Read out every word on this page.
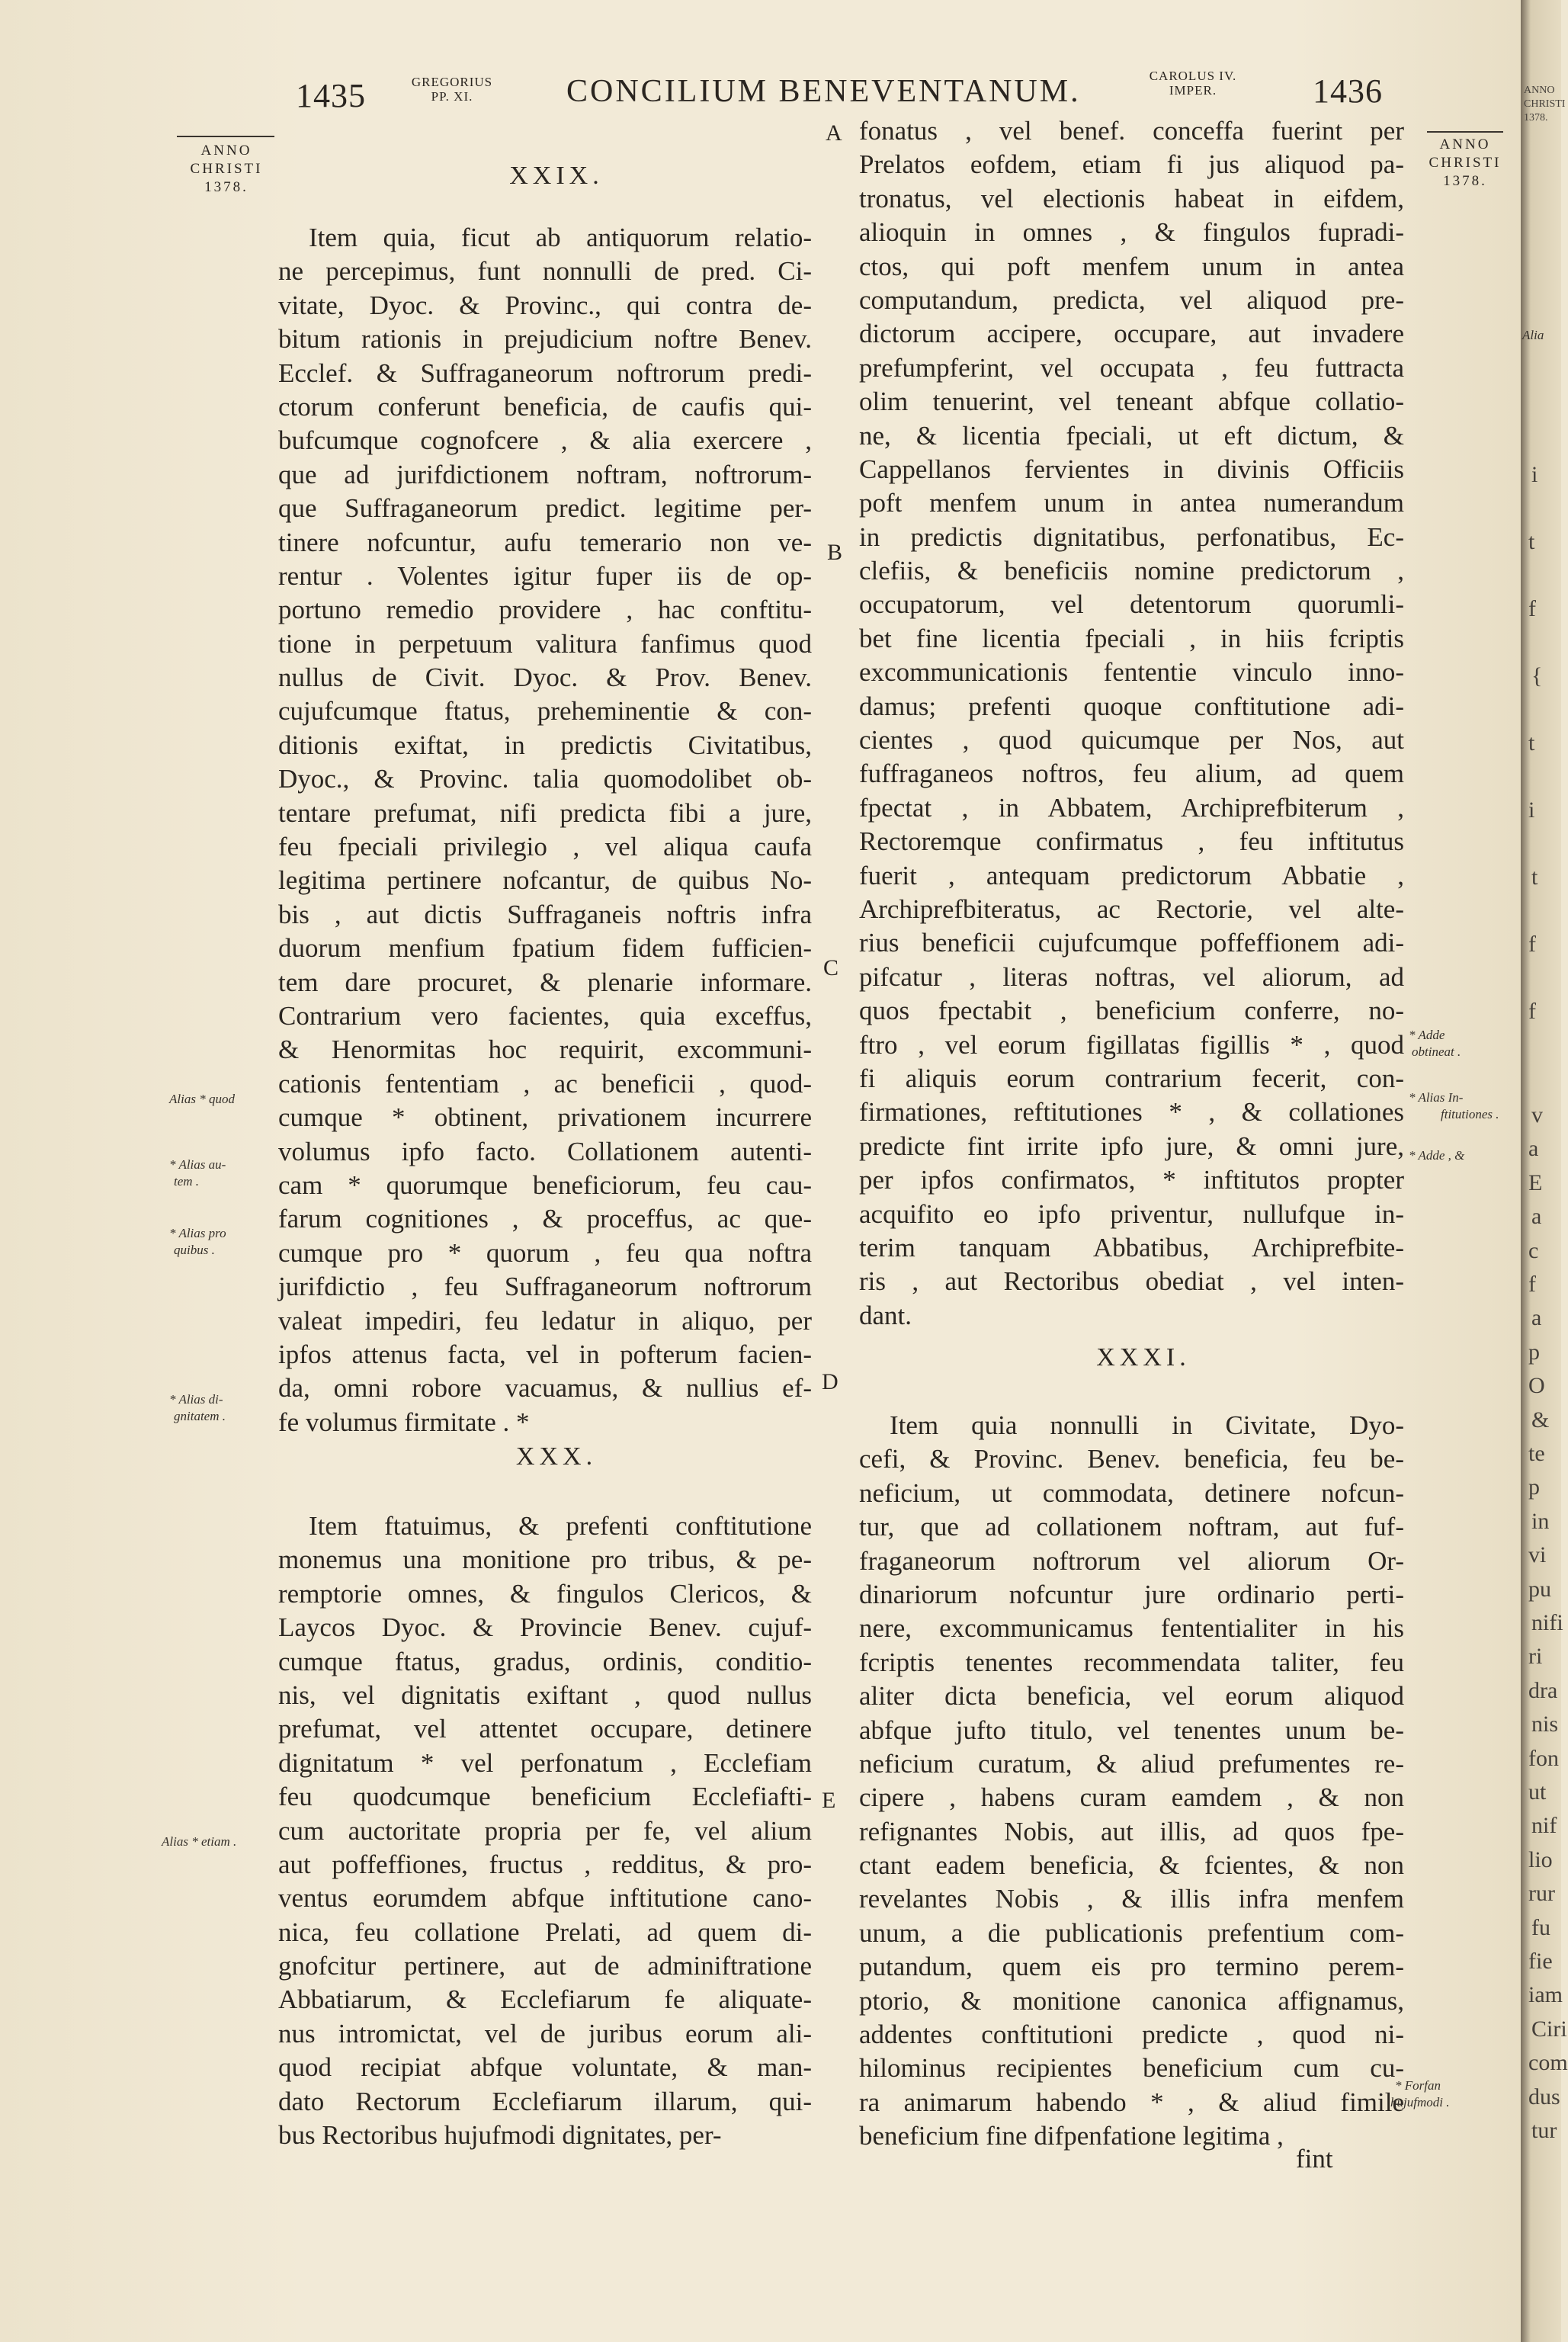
1435	GREGORIUS
PP. XI.	CONCILIUM BENEVENTANUM.	CAROLUS IV.
IMPER.	1436
ANNO
CHRISTI
1378.
ANNO
CHRISTI
1378.
XXIX.
Item quia, ficut ab antiquorum relatio-
ne percepimus, funt nonnulli de pred. Ci-
vitate, Dyoc. & Provinc., qui contra de-
bitum rationis in prejudicium noftre Benev.
Ecclef. & Suffraganeorum noftrorum predi-
ctorum conferunt beneficia, de caufis qui-
bufcumque cognofcere , & alia exercere ,
que ad jurifdictionem noftram, noftrorum-
que Suffraganeorum predict. legitime per-
tinere nofcuntur, aufu temerario non ve-
rentur . Volentes igitur fuper iis de op-
portuno remedio providere , hac conftitu-
tione in perpetuum valitura fanfimus quod
nullus de Civit. Dyoc. & Prov. Benev.
cujufcumque ftatus, preheminentie & con-
ditionis exiftat, in predictis Civitatibus,
Dyoc., & Provinc. talia quomodolibet ob-
tentare prefumat, nifi predicta fibi a jure,
feu fpeciali privilegio , vel aliqua caufa
legitima pertinere nofcantur, de quibus No-
bis , aut dictis Suffraganeis noftris infra
duorum menfium fpatium fidem fufficien-
tem dare procuret, & plenarie informare.
Contrarium vero facientes, quia exceffus,
& Henormitas hoc requirit, excommuni-
cationis fententiam , ac beneficii , quod-
cumque * obtinent, privationem incurrere
volumus ipfo facto. Collationem autenti-
cam * quorumque beneficiorum, feu cau-
farum cognitiones , & proceffus, ac que-
cumque pro * quorum , feu qua noftra
jurifdictio , feu Suffraganeorum noftrorum
valeat impediri, feu ledatur in aliquo, per
ipfos attenus facta, vel in pofterum facien-
da, omni robore vacuamus, & nullius ef-
fe volumus firmitate . *
XXX.
Item ftatuimus, & prefenti conftitutione
monemus una monitione pro tribus, & pe-
remptorie omnes, & fingulos Clericos, &
Laycos Dyoc. & Provincie Benev. cujuf-
cumque ftatus, gradus, ordinis, conditio-
nis, vel dignitatis exiftant , quod nullus
prefumat, vel attentet occupare, detinere
dignitatum * vel perfonatum , Ecclefiam
feu quodcumque beneficium Ecclefiafti-
cum auctoritate propria per fe, vel alium
aut poffeffiones, fructus , redditus, & pro-
ventus eorumdem abfque inftitutione cano-
nica, feu collatione Prelati, ad quem di-
gnofcitur pertinere, aut de adminiftratione
Abbatiarum, & Ecclefiarum fe aliquate-
nus intromictat, vel de juribus eorum ali-
quod recipiat abfque voluntate, & man-
dato Rectorum Ecclefiarum illarum, qui-
bus Rectoribus hujufmodi dignitates, per-
A
B
C
D
E
fonatus , vel benef. conceffa fuerint per
Prelatos eofdem, etiam fi jus aliquod pa-
tronatus, vel electionis habeat in eifdem,
alioquin in omnes , & fingulos fupradi-
ctos, qui poft menfem unum in antea
computandum, predicta, vel aliquod pre-
dictorum accipere, occupare, aut invadere
prefumpferint, vel occupata , feu futtracta
olim tenuerint, vel teneant abfque collatio-
ne, & licentia fpeciali, ut eft dictum, &
Cappellanos fervientes in divinis Officiis
poft menfem unum in antea numerandum
in predictis dignitatibus, perfonatibus, Ec-
clefiis, & beneficiis nomine predictorum ,
occupatorum, vel detentorum quorumli-
bet fine licentia fpeciali , in hiis fcriptis
excommunicationis fententie vinculo inno-
damus; prefenti quoque conftitutione adi-
cientes , quod quicumque per Nos, aut
fuffraganeos noftros, feu alium, ad quem
fpectat , in Abbatem, Archiprefbiterum ,
Rectoremque confirmatus , feu inftitutus
fuerit , antequam predictorum Abbatie ,
Archiprefbiteratus, ac Rectorie, vel alte-
rius beneficii cujufcumque poffeffionem adi-
pifcatur , literas noftras, vel aliorum, ad
quos fpectabit , beneficium conferre, no-
ftro , vel eorum figillatas figillis * , quod
fi aliquis eorum contrarium fecerit, con-
firmationes, reftitutiones * , & collationes
predicte fint irrite ipfo jure, & omni jure,
per ipfos confirmatos, * inftitutos propter
acquifito eo ipfo priventur, nullufque in-
terim tanquam Abbatibus, Archiprefbite-
ris , aut Rectoribus obediat , vel inten-
dant.
XXXI.
Item quia nonnulli in Civitate, Dyo-
cefi, & Provinc. Benev. beneficia, feu be-
neficium, ut commodata, detinere nofcun-
tur, que ad collationem noftram, aut fuf-
fraganeorum noftrorum vel aliorum Or-
dinariorum nofcuntur jure ordinario perti-
nere, excommunicamus fententialiter in his
fcriptis tenentes recommendata taliter, feu
aliter dicta beneficia, vel eorum aliquod
abfque jufto titulo, vel tenentes unum be-
neficium curatum, & aliud prefumentes re-
cipere , habens curam eamdem , & non
refignantes Nobis, aut illis, ad quos fpe-
ctant eadem beneficia, & fcientes, & non
revelantes Nobis , & illis infra menfem
unum, a die publicationis prefentium com-
putandum, quem eis pro termino perem-
ptorio, & monitione canonica affignamus,
addentes conftitutioni predicte , quod ni-
hilominus recipientes beneficium cum cu-
ra animarum habendo * , & aliud fimile
beneficium fine difpenfatione legitima ,
fint
Alias * quod
* Alias au-
tem .
* Alias pro
quibus .
* Alias di-
gnitatem .
Alias * etiam .
* Adde
obtineat .
* Alias In-
ftitutiones .
* Adde , &
* Forfan
hujufmodi .
ANNO
CHRISTI
1378.
Alia
i
t
f
{
t
i
t
f
f
v
a
E
a
c
f
a
p
O
&
te
p
in
vi
pu
nifi
ri
dra
nis
fon
ut
nif
lio
rur
fu
fie
iam
Ciri
com
dus
tur
